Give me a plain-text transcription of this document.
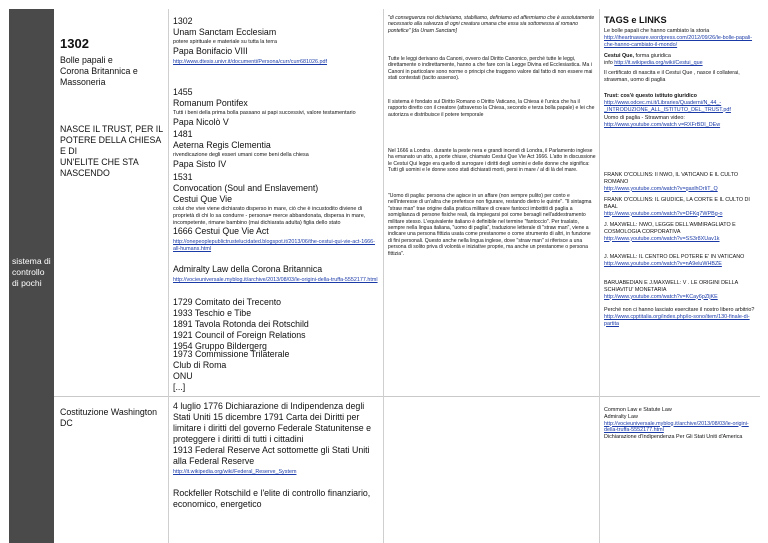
sistema di controllo di pochi
1302
Bolle papali e
Corona Britannica e
Massoneria
NASCE IL TRUST, PER IL
POTERE DELLA CHIESA E DI
UN'ELITE CHE STA
NASCENDO
Costituzione Washington DC
1302
Unam Sanctam Ecclesiam
potere spirituale e materiale su tutta la terra
Papa Bonifacio VIII
http://www.dtesis.univr.it/documenti/Persona/curr/curr681026.pdf
1455
Romanum Pontifex
Tutti i beni della prima bolla passano ai papi successivi, valore testamentario
Papa Nicolò V
1481
Aeterna Regis Clementia
rivendicazione degli esseri umani come beni della chiesa
Papa Sisto IV
1531
Convocation (Soul and Enslavement)
Cestui Que Vie
colui che vive viene dichiarato disperso in mare, ciò che è incustodito diviene di proprietà di chi lo sa condurre - persona= merce abbandonata, dispersa in mare, incompetente, rimane bambino (mai dichiarata adulta) figlia dello stato
1666 Cestui Que Vie Act
http://onepeoplepublictrustelucidated.blogspot.it/2013/06/the-cestui-qui-vie-act-1666-all-humans.html
Admiralty Law della Corona Britannica
http://vocieuniversale.myblog.it/archive/2013/08/03/le-origini-della-truffa-5552177.html
1729 Comitato dei Trecento
1933 Teschio e Tibe
1891 Tavola Rotonda dei Rotschild
1921 Council of Foreign Relations
1954 Gruppo Bildergerg
1973 Commissione Trilaterale
Club di Roma
ONU
[...]
4 luglio 1776 Dichiarazione di Indipendenza degli Stati Uniti 15 dicembre 1791 Carta dei Diritti per limitare i diritti del governo Federale Statunitense e proteggere i diritti di tutti i cittadini
1913 Federal Reserve Act sottomette gli Stati Uniti alla Federal Reserve
http://it.wikipedia.org/wiki/Federal_Reserve_System
Rockfeller Rotschild e l'elite di controllo finanziario, economico, energetico
"di conseguenza noi dichiariamo, stabiliamo, definiamo ed affermiamo che è assolutamente necessario alla salvezza di ogni creatura umana che essa sia sottomessa al romano pontefice" [da Unam Sanctam]
Tutte le leggi derivano da Canoni, ovvero dal Diritto Canonico, perché tutte le leggi, direttamente o indirettamente, hanno a che fare con la Legge Divina ed Ecclesiastica. Ma i Canoni in particolare sono norme o principi che traggono valore dal fatto di non essere mai stati contestati (tacito assenso).
Il sistema è fondato sul Diritto Romano o Diritto Vaticano, la Chiesa è l'unica che ha il rapporto diretto con il creatore (attraverso la Chiesa, secondo e terza bolla papale) e lei che autorizza e distribuisce il potere temporale
Nel 1666 a Londra . durante la peste nera e grandi incendi di Londra, il Parlamento inglese ha emanato un atto, a porte chiuse, chiamato Cestui Que Vie Act 1666. L'atto in discussione le Cestui Qui legge era quello di surrogare i diritti degli uomini e delle donne che significa: Tutti gli uomini e le donne sono stati dichiarati morti, persi in mare / al di là del mare.
"Uomo di paglia: persona che agisce in un affare (non sempre pulito) per conto e nell'interesse di un'altra che preferisce non figurare, restando dietro le quinte". "Il sintagma "straw man" trae origine dalla pratica militare di creare fantocci imbottiti di paglia a somiglianza di persone fisiche reali, da impiegarsi poi come bersagli nell'addestramento militare stesso. L'equivalente italiano è definibile nel termine "fantoccio". Per traslato, sempre nella lingua italiana, "uomo di paglia", traduzione letterale di "straw man", viene a indicare una persona fittizia usata come prestanome o come strumento di altri, in funzione di fini personali. Questo anche nella lingua inglese, dove "straw man" si riferisce a una persona di solito priva di volontà e iniziative proprie, ma anche un prestanome o persona fittizia".
TAGS e LINKS
Le bolle papali che hanno cambiato la storia
http://iheartnaware.wordpress.com/2012/09/26/le-bolle-papali-che-hanno-cambiato-il-mondo/
Cestui Que, forma giuridica
info http://it.wikipedia.org/wiki/Cestui_que
Il certificato di nascita e il Cestui Que , nasce il collaterai, strawman, uomo di paglia
Trust: cos'è questo istituto giuridico http://www.odcec.mi.it/Libraries/Quaderni/N_44_-_INTRODUZIONE_ALL_ISTITUTO_DEL_TRUST.pdf
Uomo di paglia - Strawman video:
http://www.youtube.com/watch v=RXFrBDI_DEw
FRANK O'COLLINS: Il NWO, IL VATICANO E IL CULTO ROMANO
http://www.youtube.com/watch?v=gaxlhOrIiT_Q
FRANK O'COLLINS: IL GIUDICE, LA CORTE E IL CULTO DI BAAL
http://www.youtube.com/watch?v=DFKq7WPBg-o
J. MAXWELL: NWO, LEGGE DELL'AMMIRAGLIATO E COSMOLOGIA CORPORATIVA
http://www.youtube.com/watch?v=SS3r8XUav1k
J. MAXWELL: IL CENTRO DEL POTERE E' IN VATICANO
http://www.youtube.com/watch?v=nA9eluWHBZE
BARUABEDIAN E J.MAXWELL: V . LE ORIGINI DELLA SCHIAVITU' MONETARIA
http://www.youtube.com/watch?v=KCay6pZljKE
Perché non ci hanno lasciato esercitare il nostro libero arbitrio? http://www.cpptitalia.org/index.php/io-sono/item/130-finale-di-partita
Common Law e Statute Law
Admiralty Law
http://vocieuniversale.myblog.it/archive/2013/08/03/le-origini-della-truffa-5552177.html
Dichiarazione d'Indipendenza Per Gli Stati Uniti d'America
